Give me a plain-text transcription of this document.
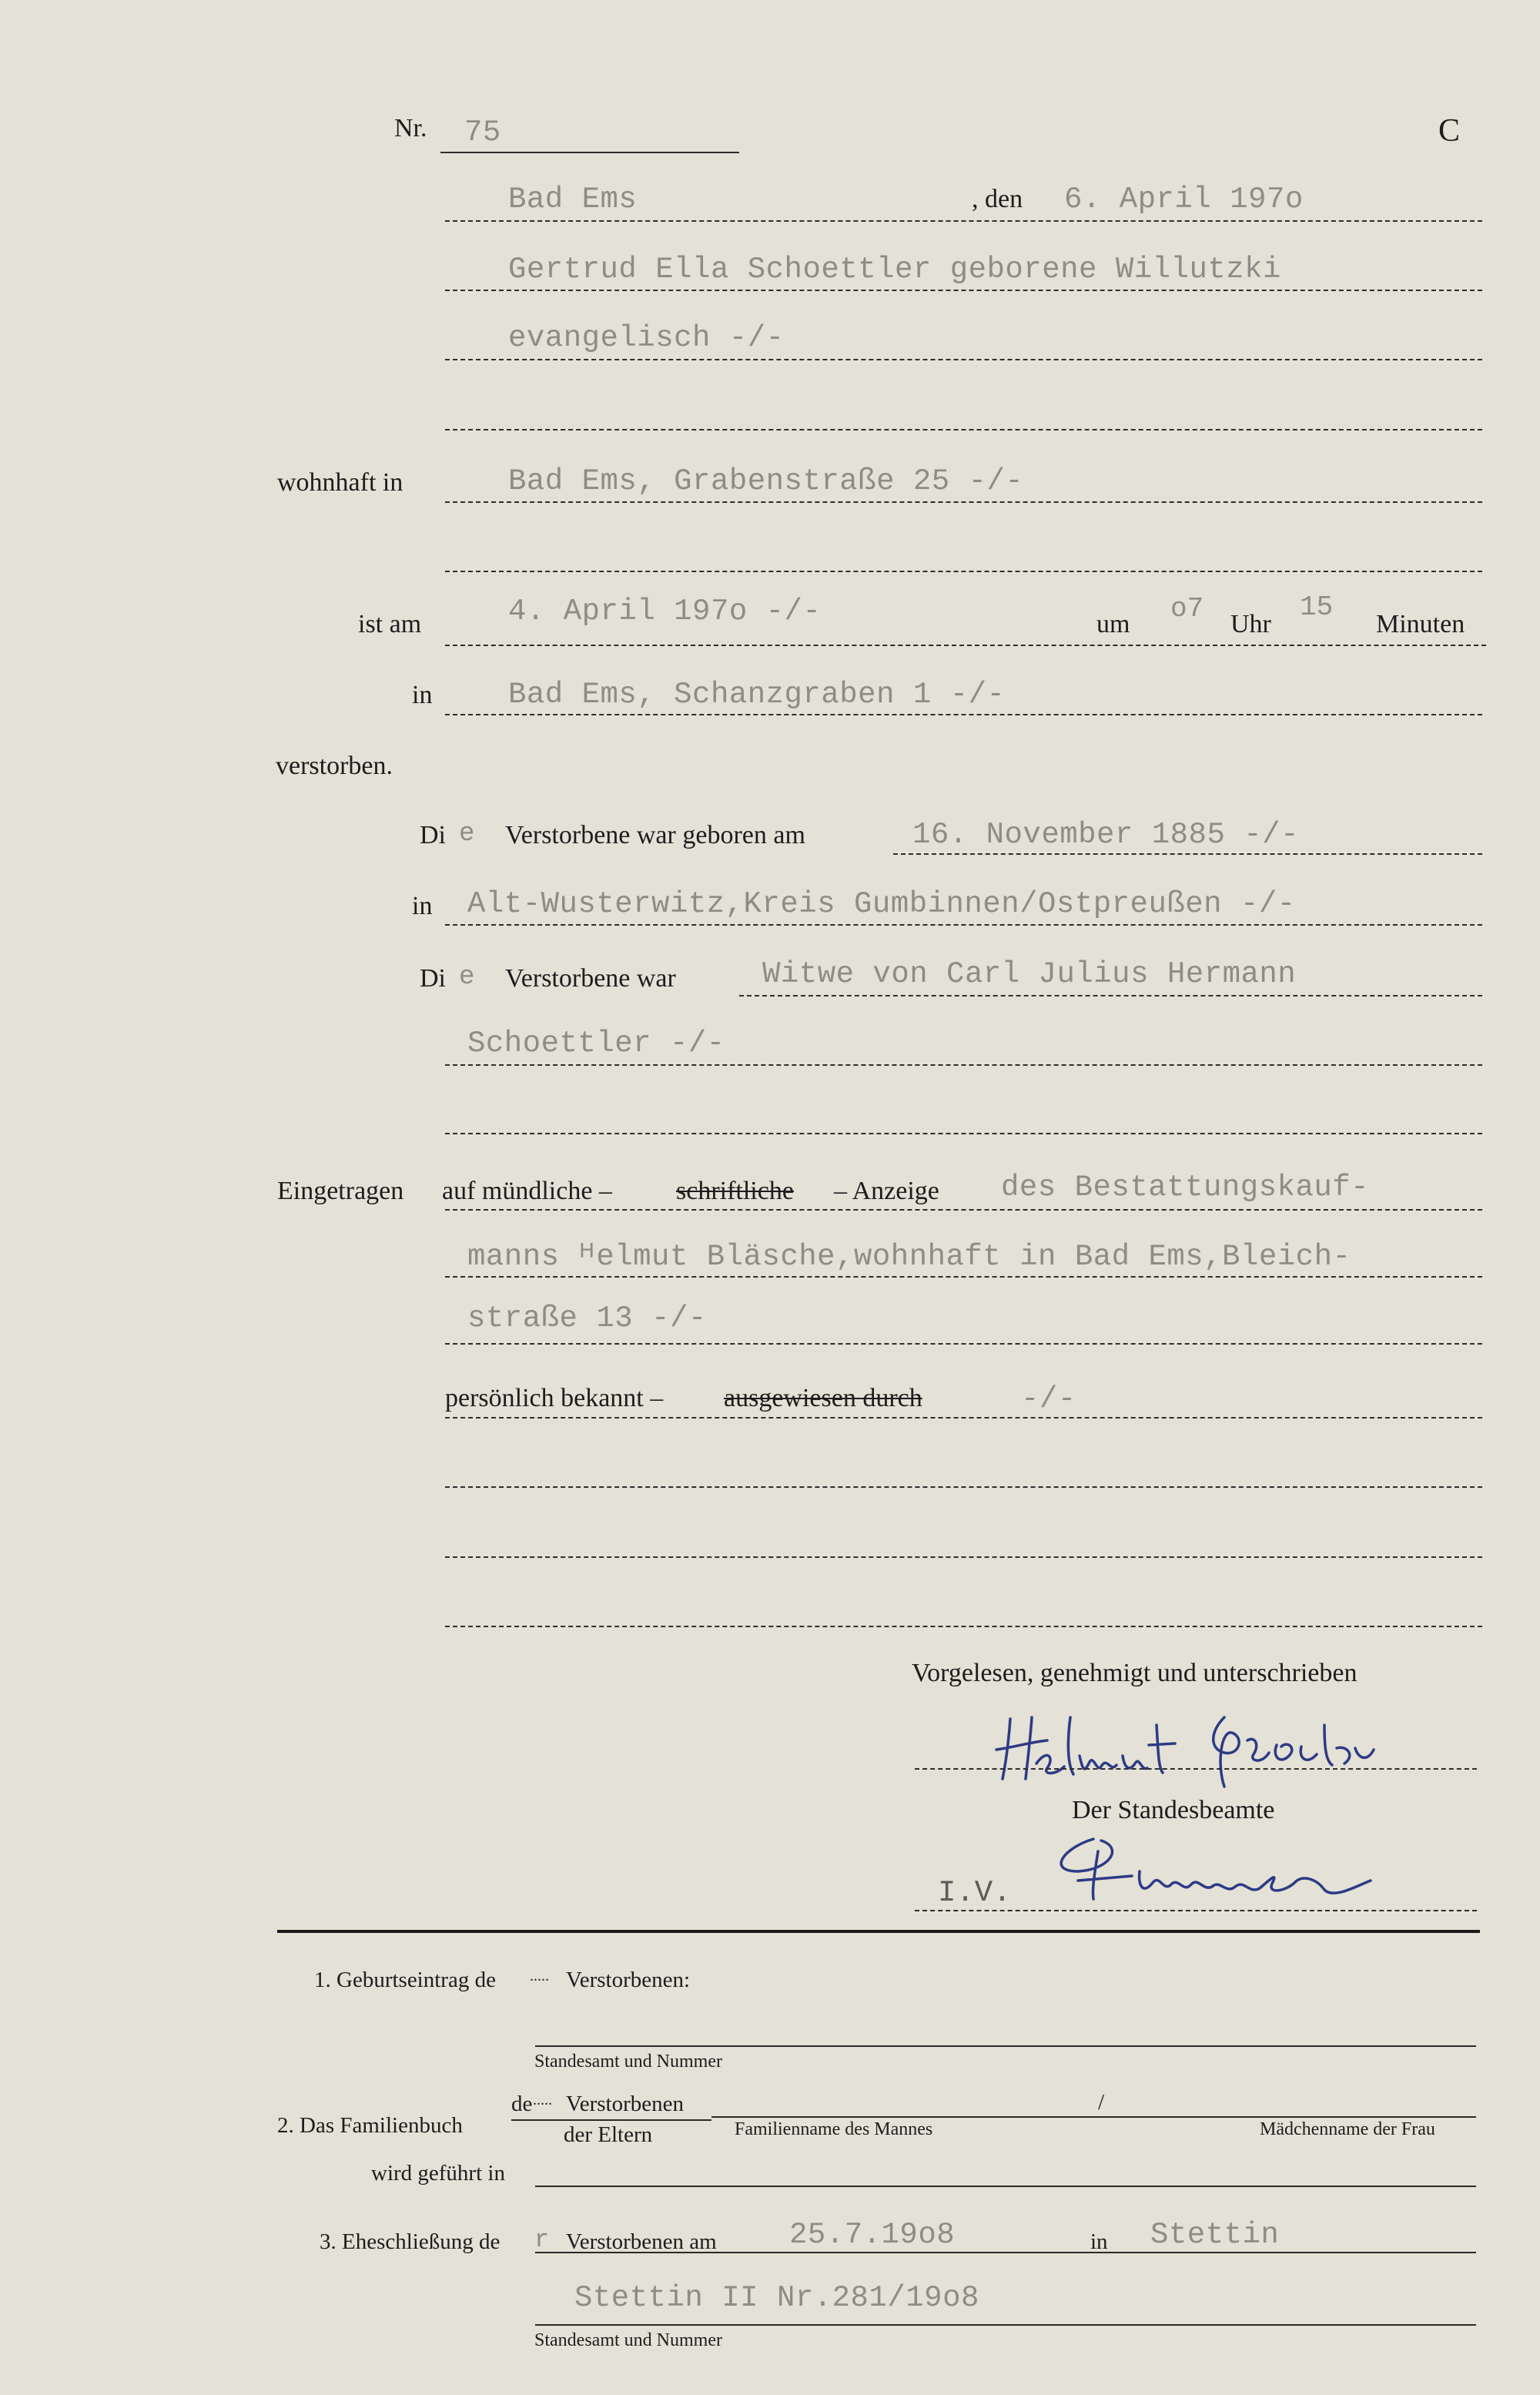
Nr. 75	C
Bad Ems	, den 6. April 197o
Gertrud Ella Schoettler geborene Willutzki
evangelisch -/-
wohnhaft in	Bad Ems, Grabenstraße 25 -/-
ist am	4. April 197o -/-	um o7 Uhr
15
Minuten
in	Bad Ems, Schanzgraben 1 -/-
verstorben.
Di e Verstorbene war geboren am	16. November 1885 -/-
in Alt-Wusterwitz,Kreis Gumbinnen/Ostpreußen -/-
Di e Verstorbene war	Witwe von Carl Julius Hermann
Schoettler -/-
Eingetragen auf mündliche – schriftliche – Anzeige des Bestattungskauf-
manns ᴴelmut Bläsche,wohnhaft in Bad Ems,Bleich-
straße 13 -/-
persönlich bekannt – ausgewiesen durch	-/-
Vorgelesen, genehmigt und unterschrieben
Der Standesbeamte
I.V.
1. Geburtseintrag de ..... Verstorbenen:
Standesamt und Nummer
2. Das Familienbuch
de ..... Verstorbenen	/
der Eltern	Familienname des Mannes	Mädchenname der Frau
wird geführt in
3. Eheschließung de r Verstorbenen am 25.7.19o8	in Stettin
Stettin II Nr.281/19o8
Standesamt und Nummer
